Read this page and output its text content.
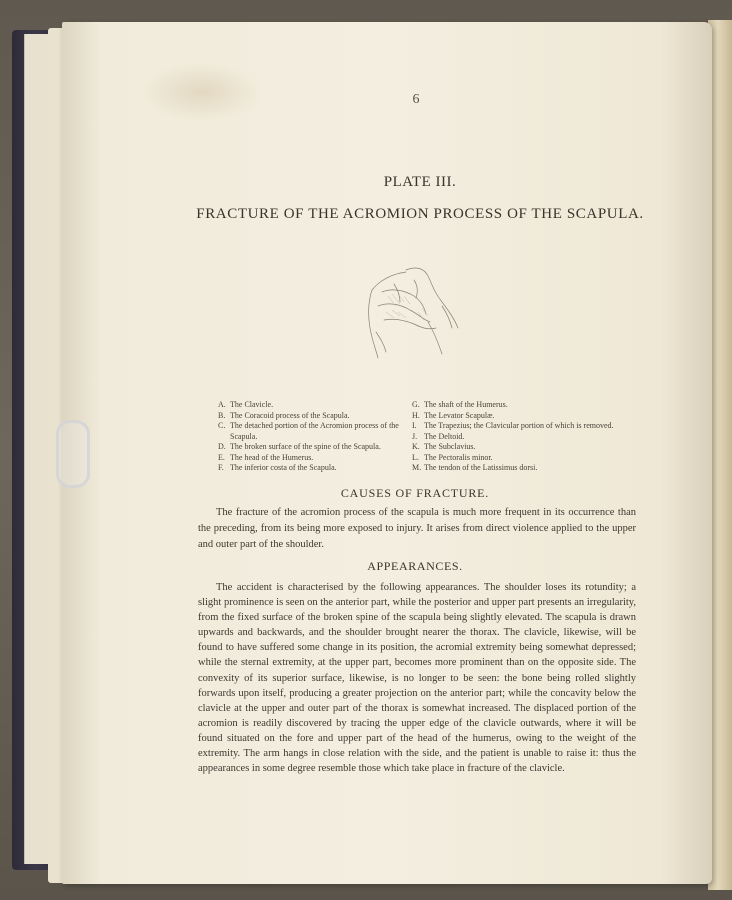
6
PLATE III.
FRACTURE OF THE ACROMION PROCESS OF THE SCAPULA.
A. The Clavicle.
B. The Coracoid process of the Scapula.
C. The detached portion of the Acromion process of the Scapula.
D. The broken surface of the spine of the Scapula.
E. The head of the Humerus.
F. The inferior costa of the Scapula.
G. The shaft of the Humerus.
H. The Levator Scapulæ.
I. The Trapezius; the Clavicular portion of which is removed.
J. The Deltoid.
K. The Subclavius.
L. The Pectoralis minor.
M. The tendon of the Latissimus dorsi.
CAUSES OF FRACTURE.
The fracture of the acromion process of the scapula is much more frequent in its occurrence than the preceding, from its being more exposed to injury. It arises from direct violence applied to the upper and outer part of the shoulder.
APPEARANCES.
The accident is characterised by the following appearances. The shoulder loses its rotundity; a slight prominence is seen on the anterior part, while the posterior and upper part presents an irregularity, from the fixed surface of the broken spine of the scapula being slightly elevated. The scapula is drawn upwards and backwards, and the shoulder brought nearer the thorax. The clavicle, likewise, will be found to have suffered some change in its position, the acromial extremity being somewhat depressed; while the sternal extremity, at the upper part, becomes more prominent than on the opposite side. The convexity of its superior surface, likewise, is no longer to be seen: the bone being rolled slightly forwards upon itself, producing a greater projection on the anterior part; while the concavity below the clavicle at the upper and outer part of the thorax is somewhat increased. The displaced portion of the acromion is readily discovered by tracing the upper edge of the clavicle outwards, where it will be found situated on the fore and upper part of the head of the humerus, owing to the weight of the extremity. The arm hangs in close relation with the side, and the patient is unable to raise it: thus the appearances in some degree resemble those which take place in fracture of the clavicle.
